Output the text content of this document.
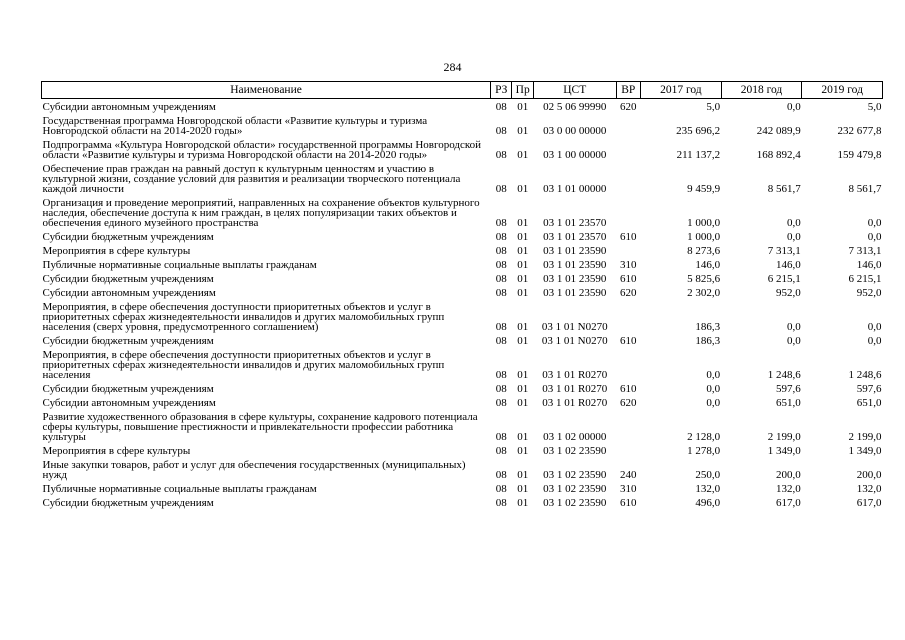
284
Наименование	РЗ	Пр	ЦСТ	ВР	2017 год	2018 год	2019 год
Субсидии автономным учреждениям	08	01	02 5 06 99990	620	5,0	0,0	5,0
Государственная программа Новгородской области «Развитие культуры и туризма Новгородской области на 2014-2020 годы»	08	01	03 0 00 00000		235 696,2	242 089,9	232 677,8
Подпрограмма «Культура Новгородской области» государственной программы Новгородской области «Развитие культуры и туризма Новгородской области на 2014-2020 годы»	08	01	03 1 00 00000		211 137,2	168 892,4	159 479,8
Обеспечение прав граждан на равный доступ к культурным ценностям и участию в культурной жизни, создание условий для развития и реализации творческого потенциала каждой личности	08	01	03 1 01 00000		9 459,9	8 561,7	8 561,7
Организация и проведение мероприятий, направленных на сохранение объектов культурного наследия, обеспечение доступа к ним граждан, в целях популяризации таких объектов и обеспечения единого музейного пространства	08	01	03 1 01 23570		1 000,0	0,0	0,0
Субсидии бюджетным учреждениям	08	01	03 1 01 23570	610	1 000,0	0,0	0,0
Мероприятия в сфере культуры	08	01	03 1 01 23590		8 273,6	7 313,1	7 313,1
Публичные нормативные социальные выплаты гражданам	08	01	03 1 01 23590	310	146,0	146,0	146,0
Субсидии бюджетным учреждениям	08	01	03 1 01 23590	610	5 825,6	6 215,1	6 215,1
Субсидии автономным учреждениям	08	01	03 1 01 23590	620	2 302,0	952,0	952,0
Мероприятия, в сфере обеспечения доступности приоритетных объектов и услуг в приоритетных сферах жизнедеятельности инвалидов и других маломобильных групп населения (сверх уровня, предусмотренного соглашением)	08	01	03 1 01 N0270		186,3	0,0	0,0
Субсидии бюджетным учреждениям	08	01	03 1 01 N0270	610	186,3	0,0	0,0
Мероприятия, в сфере обеспечения доступности приоритетных объектов и услуг в приоритетных сферах жизнедеятельности инвалидов и других маломобильных групп населения	08	01	03 1 01 R0270		0,0	1 248,6	1 248,6
Субсидии бюджетным учреждениям	08	01	03 1 01 R0270	610	0,0	597,6	597,6
Субсидии автономным учреждениям	08	01	03 1 01 R0270	620	0,0	651,0	651,0
Развитие художественного образования в сфере культуры, сохранение кадрового потенциала сферы культуры, повышение престижности и привлекательности профессии работника культуры	08	01	03 1 02 00000		2 128,0	2 199,0	2 199,0
Мероприятия в сфере культуры	08	01	03 1 02 23590		1 278,0	1 349,0	1 349,0
Иные закупки товаров, работ и услуг для обеспечения государственных (муниципальных) нужд	08	01	03 1 02 23590	240	250,0	200,0	200,0
Публичные нормативные социальные выплаты гражданам	08	01	03 1 02 23590	310	132,0	132,0	132,0
Субсидии бюджетным учреждениям	08	01	03 1 02 23590	610	496,0	617,0	617,0
